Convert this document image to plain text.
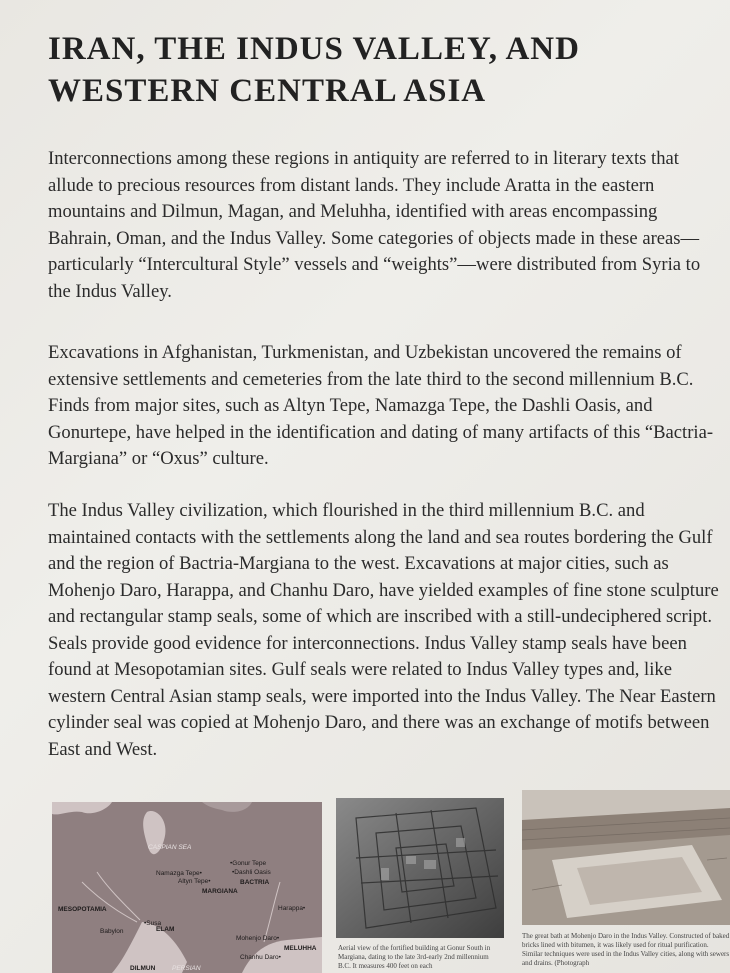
IRAN, THE INDUS VALLEY, AND WESTERN CENTRAL ASIA

Interconnections among these regions in antiquity are referred to in literary texts that allude to precious resources from distant lands. They include Aratta in the eastern mountains and Dilmun, Magan, and Meluhha, identified with areas encompassing Bahrain, Oman, and the Indus Valley. Some categories of objects made in these areas—particularly “Intercultural Style” vessels and “weights”—were distributed from Syria to the Indus Valley.

Excavations in Afghanistan, Turkmenistan, and Uzbekistan uncovered the remains of extensive settlements and cemeteries from the late third to the second millennium B.C. Finds from major sites, such as Altyn Tepe, Namazga Tepe, the Dashli Oasis, and Gonurtepe, have helped in the identification and dating of many artifacts of this “Bactria-Margiana” or “Oxus” culture.

The Indus Valley civilization, which flourished in the third millennium B.C. and maintained contacts with the settlements along the land and sea routes bordering the Gulf and the region of Bactria-Margiana to the west. Excavations at major cities, such as Mohenjo Daro, Harappa, and Chanhu Daro, have yielded examples of fine stone sculpture and rectangular stamp seals, some of which are inscribed with a still-undeciphered script. Seals provide good evidence for interconnections. Indus Valley stamp seals have been found at Mesopotamian sites. Gulf seals were related to Indus Valley types and, like western Central Asian stamp seals, were imported into the Indus Valley. The Near Eastern cylinder seal was copied at Mohenjo Daro, and there was an exchange of motifs between East and West.

CASPIAN SEA
•Gonur Tepe
Namazga Tepe•	•Dashli Oasis
Altyn Tepe•	BACTRIA
MARGIANA
MESOPOTAMIA
•Susa
Babylon	ELAM
Harappa•
Mohenjo Daro•
MELUHHA
Chanhu Daro•
DILMUN	PERSIAN

Aerial view of the fortified building at Gonur South in Margiana, dating to the late 3rd-early 2nd millennium B.C. It measures 400 feet on each

The great bath at Mohenjo Daro in the Indus Valley. Constructed of baked bricks lined with bitumen, it was likely used for ritual purification. Similar techniques were used in the Indus Valley cities, along with sewers and drains. (Photograph
